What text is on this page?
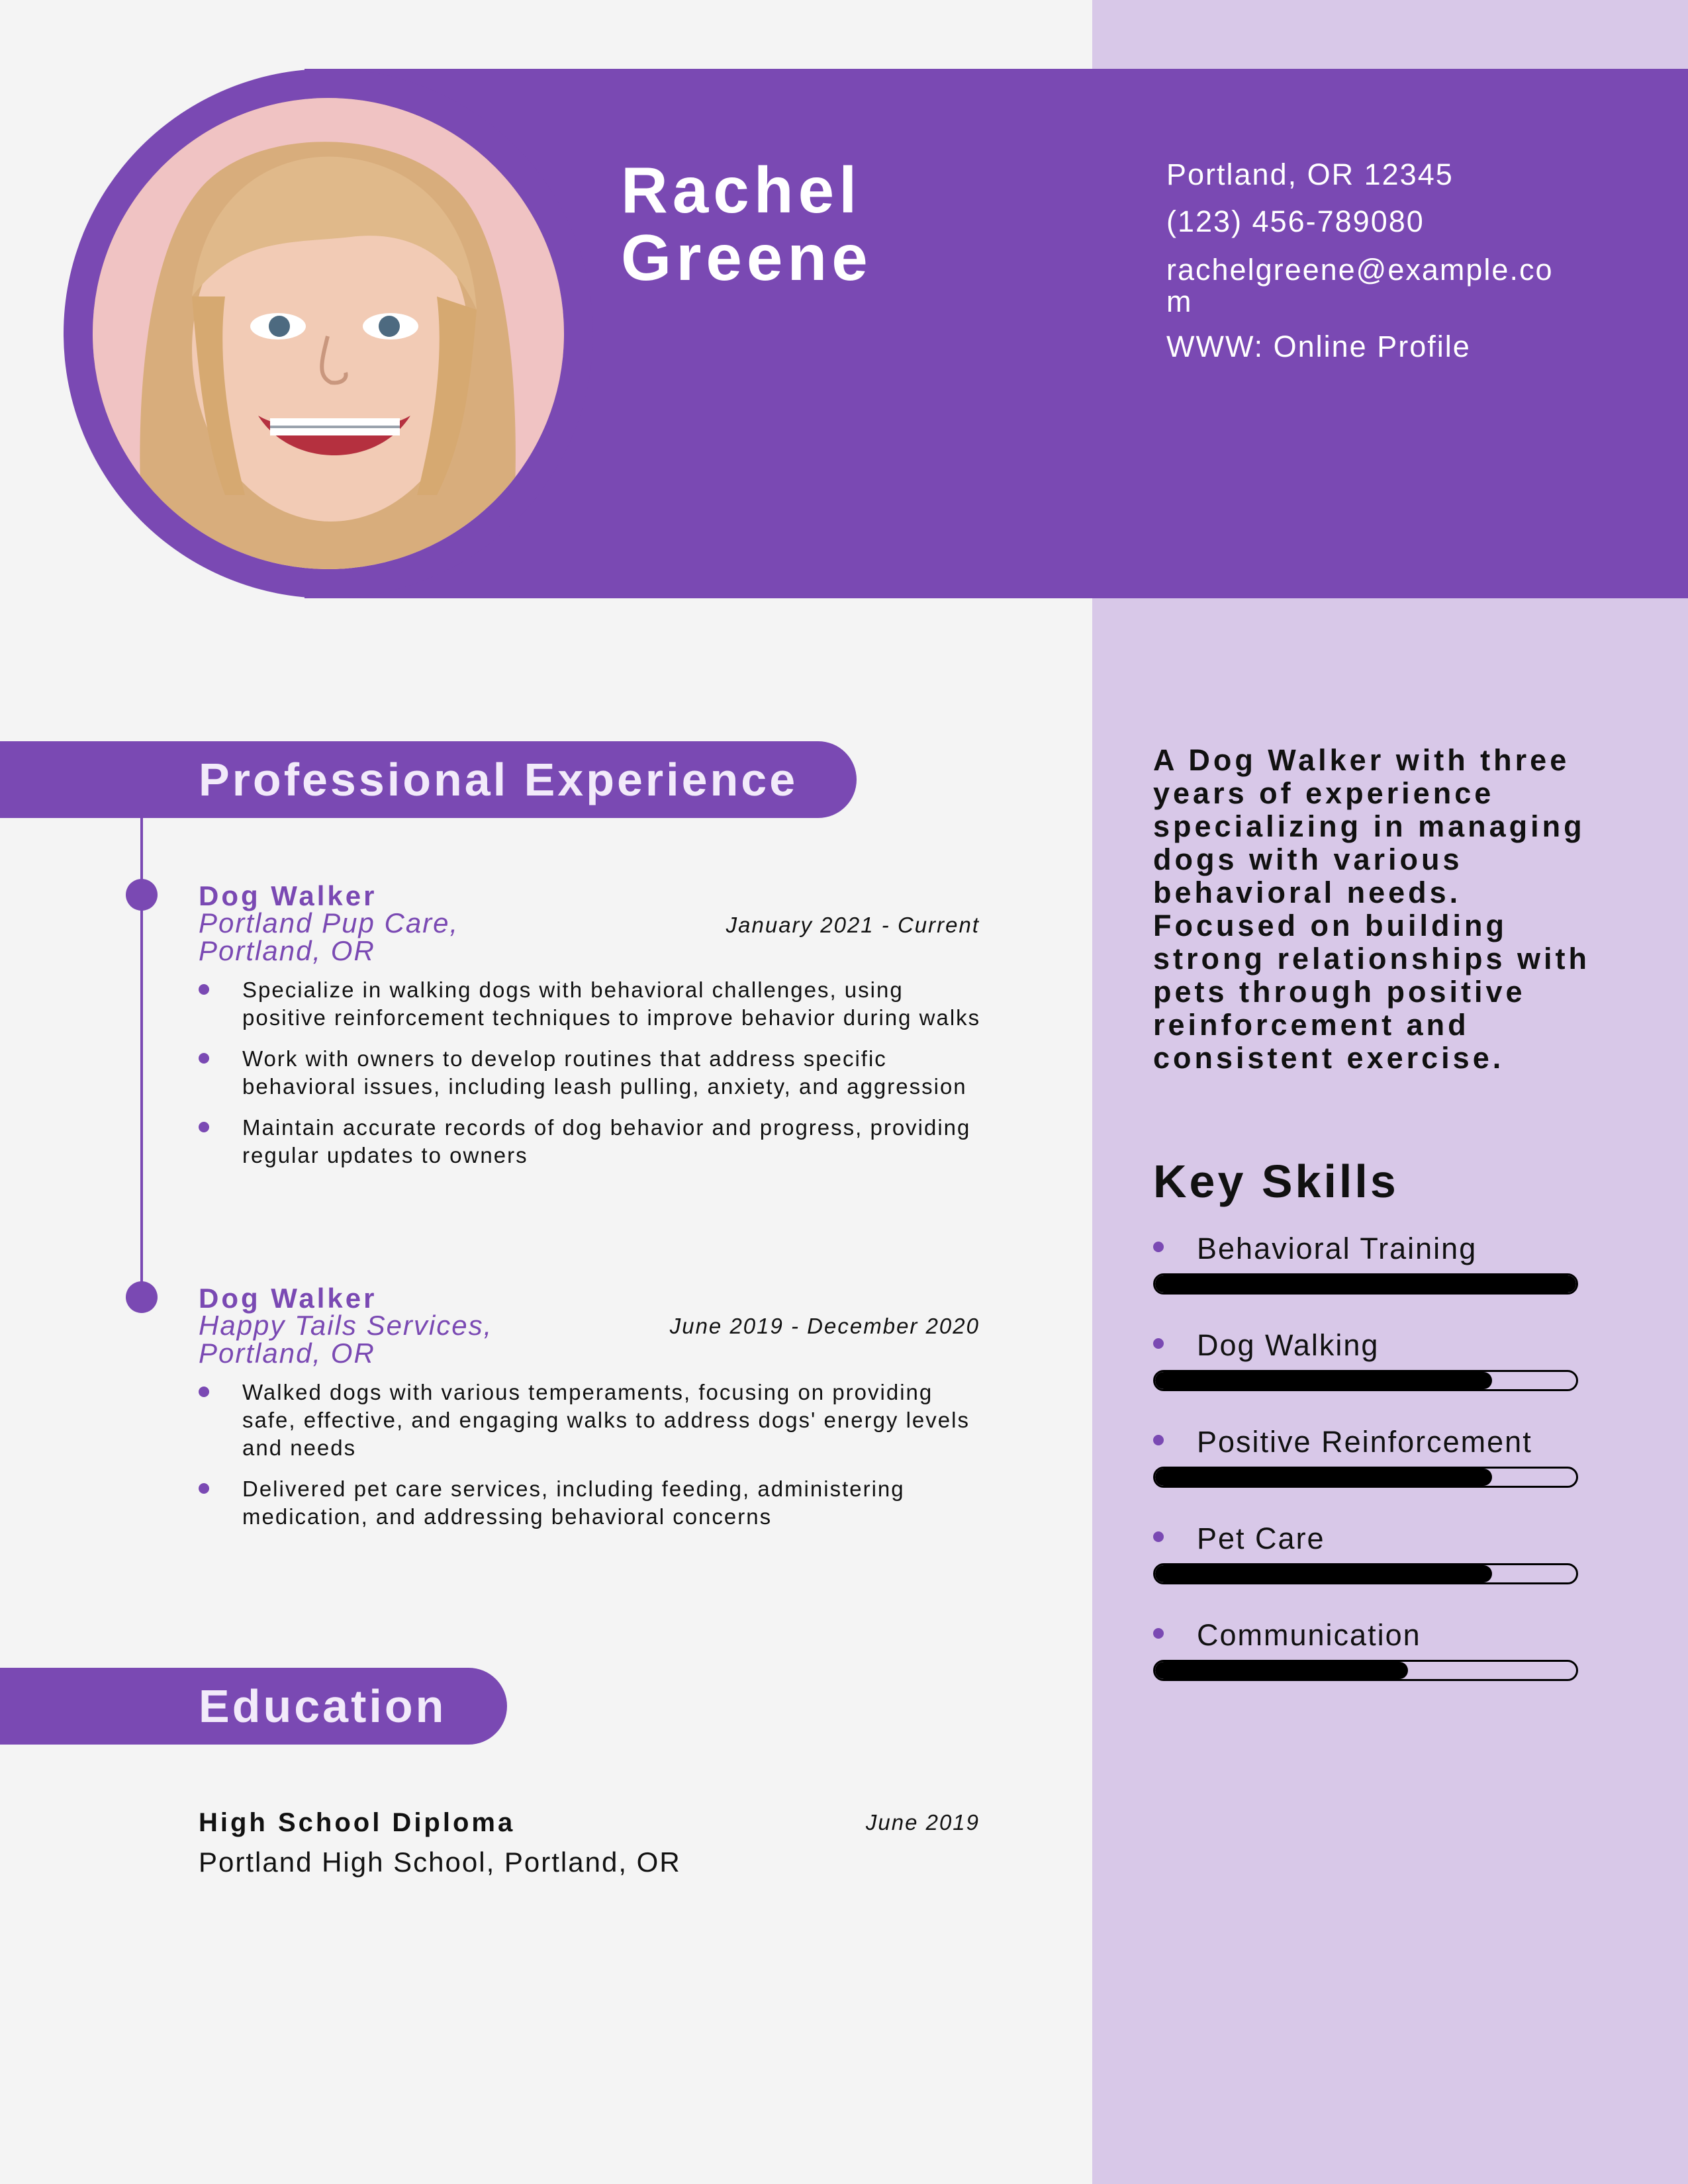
Rachel
Greene
Portland, OR 12345
(123) 456-789080
rachelgreene@example.com
WWW: Online Profile
Professional Experience
Dog Walker
Portland Pup Care,
Portland, OR
January 2021 - Current
Specialize in walking dogs with behavioral challenges, using positive reinforcement techniques to improve behavior during walks
Work with owners to develop routines that address specific behavioral issues, including leash pulling, anxiety, and aggression
Maintain accurate records of dog behavior and progress, providing regular updates to owners
Dog Walker
Happy Tails Services,
Portland, OR
June 2019 - December 2020
Walked dogs with various temperaments, focusing on providing safe, effective, and engaging walks to address dogs' energy levels and needs
Delivered pet care services, including feeding, administering medication, and addressing behavioral concerns
Education
High School Diploma
Portland High School, Portland, OR
June 2019
A Dog Walker with three years of experience specializing in managing dogs with various behavioral needs. Focused on building strong relationships with pets through positive reinforcement and consistent exercise.
Key Skills
Behavioral Training
Dog Walking
Positive Reinforcement
Pet Care
Communication
